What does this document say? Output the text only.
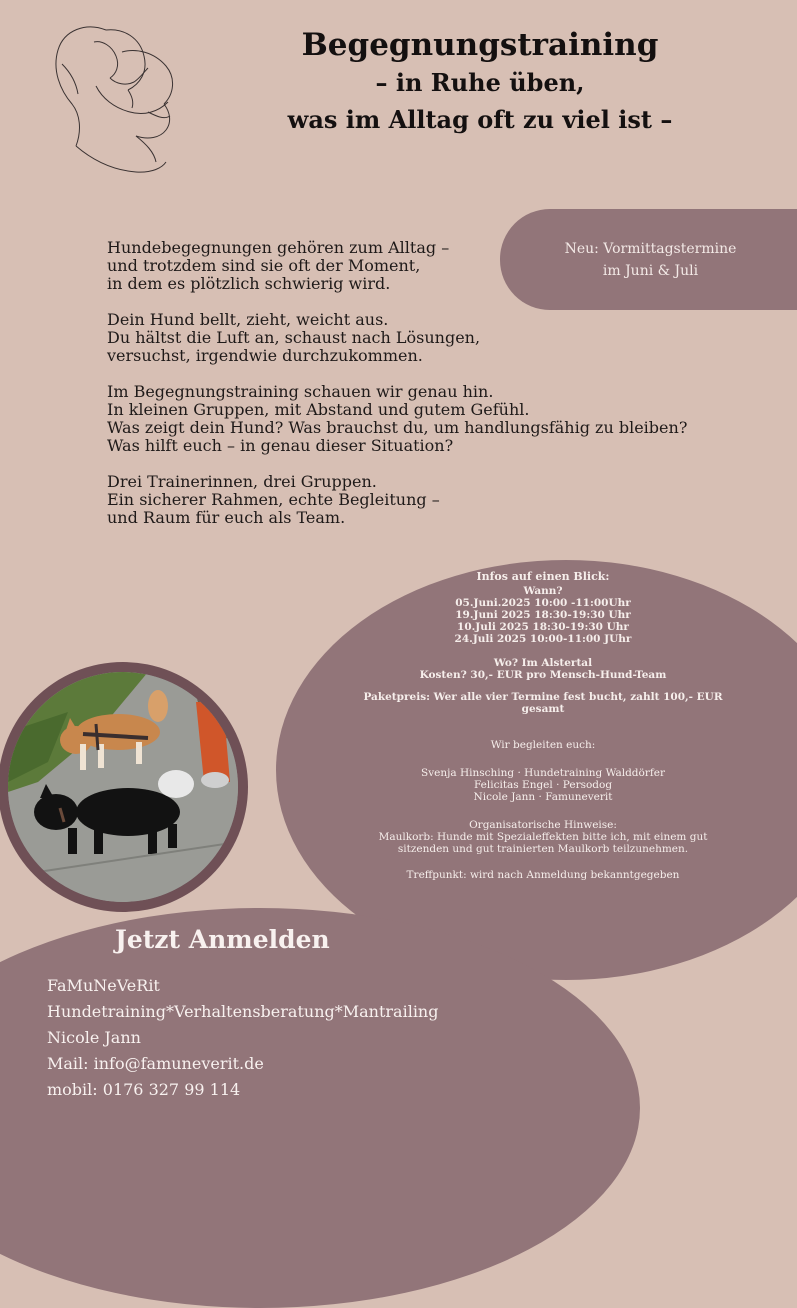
Begegnungstraining
– in Ruhe üben,
was im Alltag oft zu viel ist –

Hundebegegnungen gehören zum Alltag –
und trotzdem sind sie oft der Moment,
in dem es plötzlich schwierig wird.

Dein Hund bellt, zieht, weicht aus.
Du hältst die Luft an, schaust nach Lösungen,
versuchst, irgendwie durchzukommen.

Im Begegnungstraining schauen wir genau hin.
In kleinen Gruppen, mit Abstand und gutem Gefühl.
Was zeigt dein Hund? Was brauchst du, um handlungsfähig zu bleiben?
Was hilft euch – in genau dieser Situation?

Drei Trainerinnen, drei Gruppen.
Ein sicherer Rahmen, echte Begleitung –
und Raum für euch als Team.

Neu: Vormittagstermine
im Juni & Juli
Infos auf einen Blick:
Wann?
05.Juni.2025 10:00 -11:00Uhr
19.Juni 2025 18:30-19:30 Uhr
10.Juli 2025 18:30-19:30 Uhr
24.Juli 2025 10:00-11:00 JUhr
Wo? Im Alstertal
Kosten? 30,- EUR pro Mensch-Hund-Team
Paketpreis: Wer alle vier Termine fest bucht, zahlt 100,- EUR
gesamt
Wir begleiten euch:
Svenja Hinsching · Hundetraining Walddörfer
Felicitas Engel · Persodog
Nicole Jann · Famuneverit
Organisatorische Hinweise:
Maulkorb: Hunde mit Spezialeffekten bitte ich, mit einem gut
sitzenden und gut trainierten Maulkorb teilzunehmen.
Treffpunkt: wird nach Anmeldung bekanntgegeben
Jetzt Anmelden
FaMuNeVeRit
Hundetraining*Verhaltensberatung*Mantrailing
Nicole Jann
Mail: info@famuneverit.de
mobil: 0176 327 99 114
